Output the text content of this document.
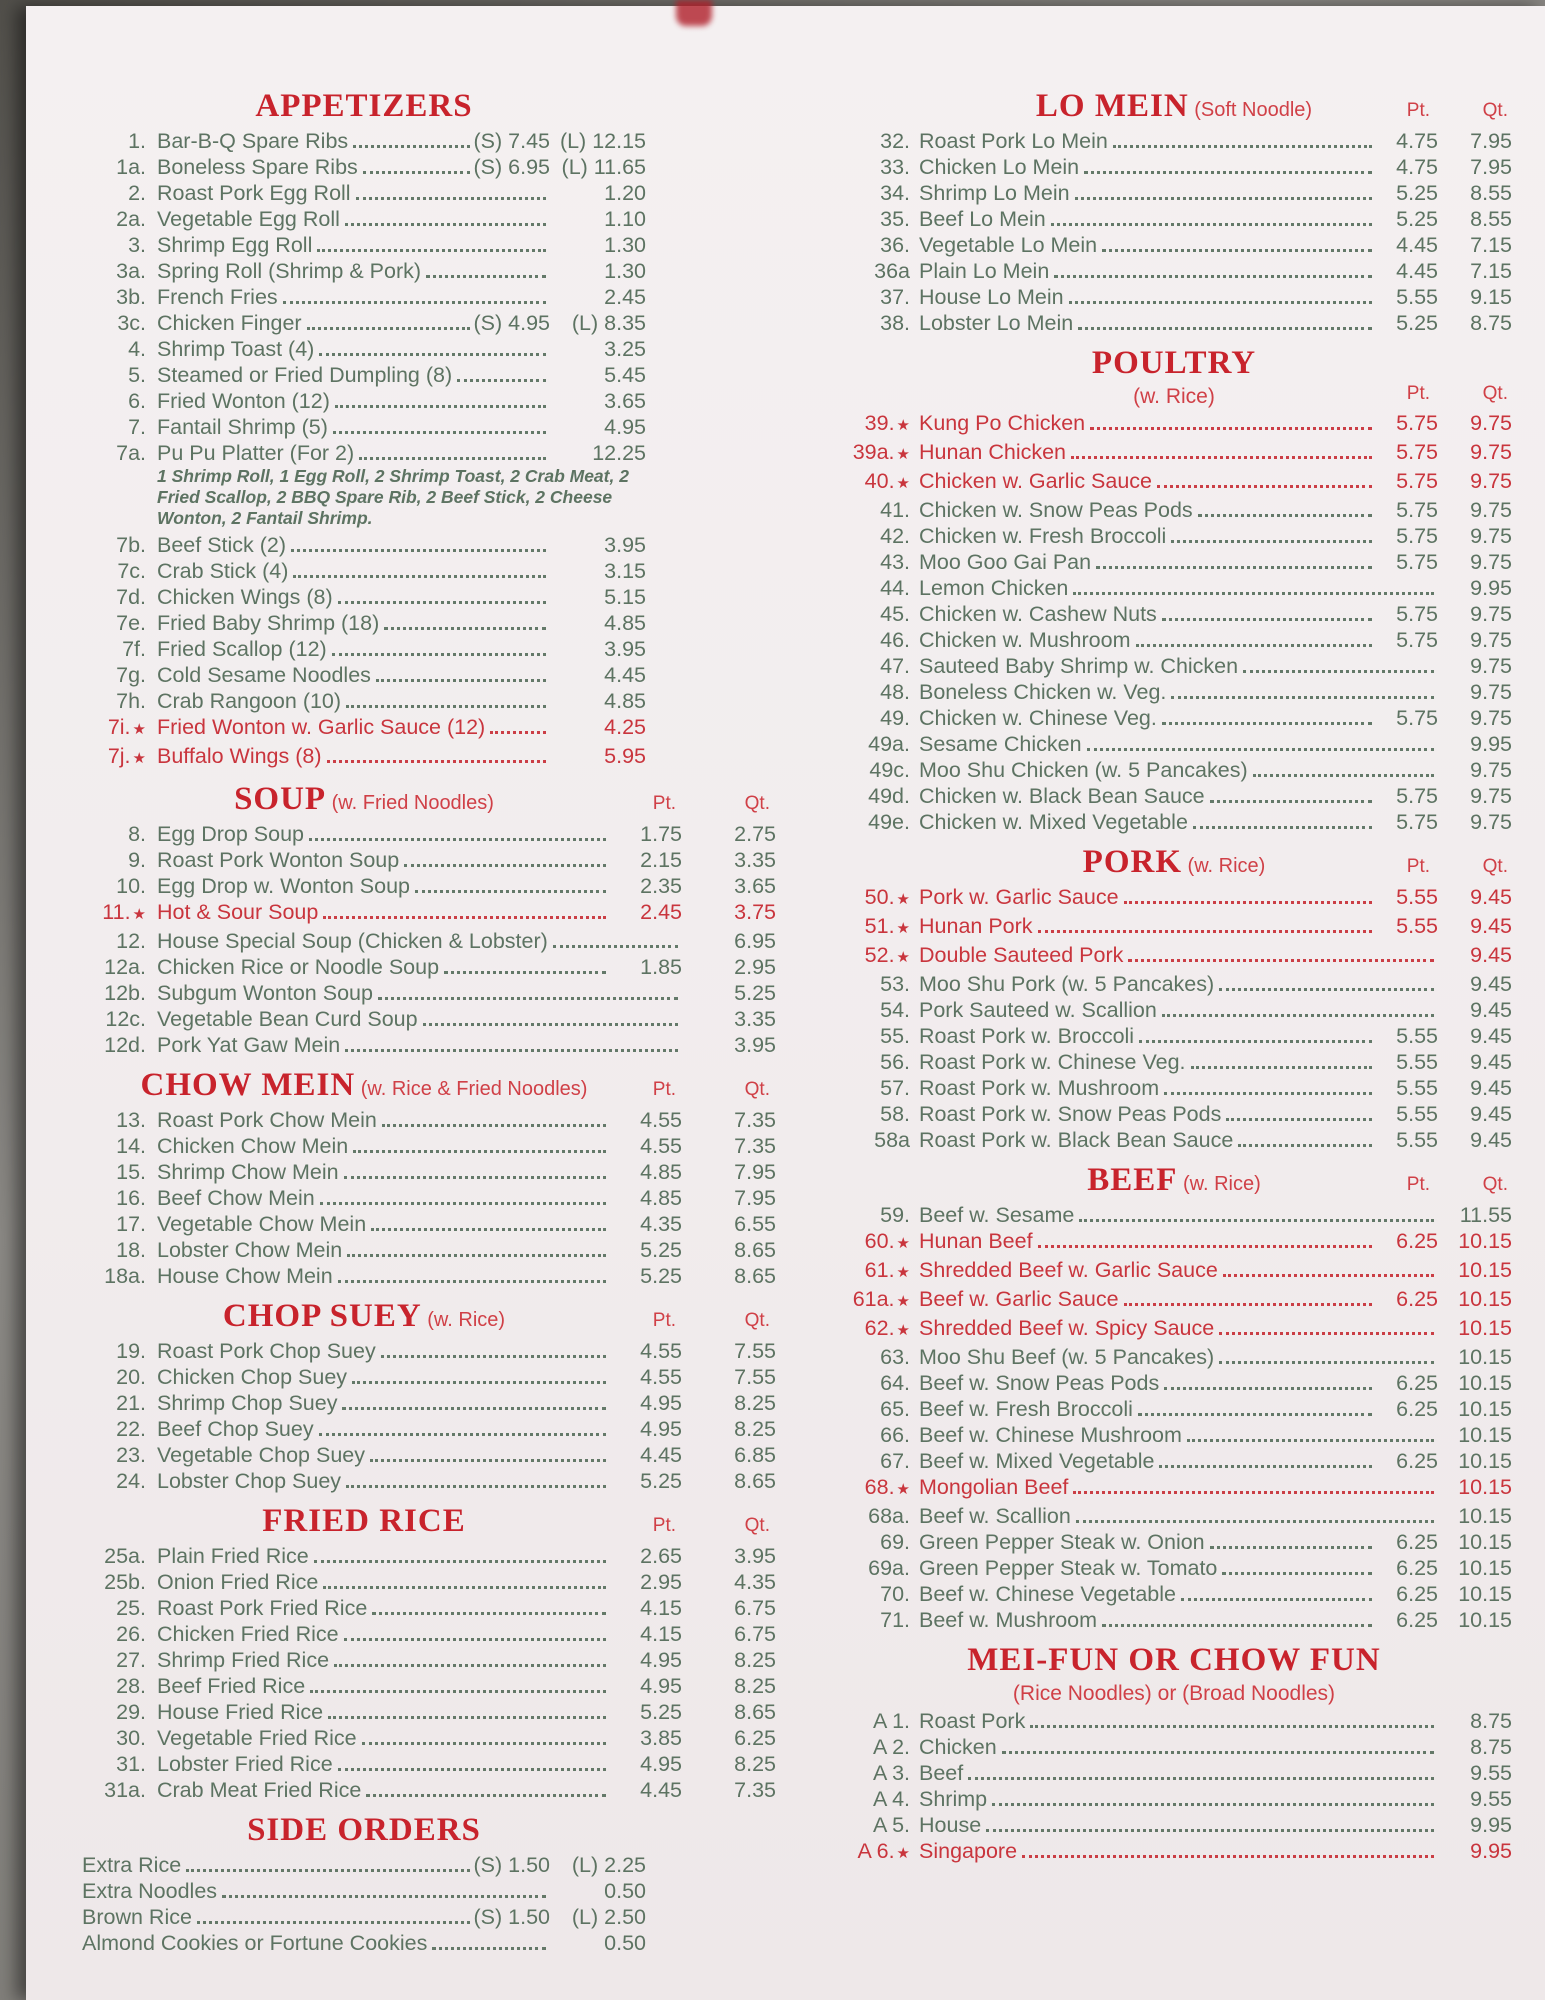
APPETIZERS
1. Bar-B-Q Spare Ribs	(S) 7.45 (L) 12.15
1a. Boneless Spare Ribs	(S) 6.95 (L) 11.65
2. Roast Pork Egg Roll	1.20
2a. Vegetable Egg Roll	1.10
3. Shrimp Egg Roll	1.30
3a. Spring Roll (Shrimp & Pork)	1.30
3b. French Fries	2.45
3c. Chicken Finger	(S) 4.95	(L) 8.35
4. Shrimp Toast (4)	3.25
5. Steamed or Fried Dumpling (8)	5.45
6. Fried Wonton (12)	3.65
7. Fantail Shrimp (5)	4.95
7a. Pu Pu Platter (For 2)	12.25
1 Shrimp Roll, 1 Egg Roll, 2 Shrimp Toast, 2 Crab Meat, 2 Fried Scallop, 2 BBQ Spare Rib, 2 Beef Stick, 2 Cheese Wonton, 2 Fantail Shrimp.
7b. Beef Stick (2)	3.95
7c. Crab Stick (4)	3.15
7d. Chicken Wings (8)	5.15
7e. Fried Baby Shrimp (18)	4.85
7f. Fried Scallop (12)	3.95
7g. Cold Sesame Noodles	4.45
7h. Crab Rangoon (10)	4.85
7i. ★ Fried Wonton w. Garlic Sauce (12)	4.25
7j. ★ Buffalo Wings (8)	5.95
SOUP (w. Fried Noodles)	Pt.	Qt.
8. Egg Drop Soup	1.75	2.75
9. Roast Pork Wonton Soup	2.15	3.35
10. Egg Drop w. Wonton Soup	2.35	3.65
11. ★ Hot & Sour Soup	2.45	3.75
12. House Special Soup (Chicken & Lobster)	6.95
12a. Chicken Rice or Noodle Soup	1.85	2.95
12b. Subgum Wonton Soup	5.25
12c. Vegetable Bean Curd Soup	3.35
12d. Pork Yat Gaw Mein	3.95
CHOW MEIN (w. Rice & Fried Noodles)	Pt.	Qt.
13. Roast Pork Chow Mein	4.55	7.35
14. Chicken Chow Mein	4.55	7.35
15. Shrimp Chow Mein	4.85	7.95
16. Beef Chow Mein	4.85	7.95
17. Vegetable Chow Mein	4.35	6.55
18. Lobster Chow Mein	5.25	8.65
18a. House Chow Mein	5.25	8.65
CHOP SUEY (w. Rice)	Pt.	Qt.
19. Roast Pork Chop Suey	4.55	7.55
20. Chicken Chop Suey	4.55	7.55
21. Shrimp Chop Suey	4.95	8.25
22. Beef Chop Suey	4.95	8.25
23. Vegetable Chop Suey	4.45	6.85
24. Lobster Chop Suey	5.25	8.65
FRIED RICE	Pt.	Qt.
25a. Plain Fried Rice	2.65	3.95
25b. Onion Fried Rice	2.95	4.35
25. Roast Pork Fried Rice	4.15	6.75
26. Chicken Fried Rice	4.15	6.75
27. Shrimp Fried Rice	4.95	8.25
28. Beef Fried Rice	4.95	8.25
29. House Fried Rice	5.25	8.65
30. Vegetable Fried Rice	3.85	6.25
31. Lobster Fried Rice	4.95	8.25
31a. Crab Meat Fried Rice	4.45	7.35
SIDE ORDERS
Extra Rice	(S) 1.50	(L) 2.25
Extra Noodles	0.50
Brown Rice	(S) 1.50	(L) 2.50
Almond Cookies or Fortune Cookies	0.50
LO MEIN (Soft Noodle)	Pt.	Qt.
32. Roast Pork Lo Mein	4.75	7.95
33. Chicken Lo Mein	4.75	7.95
34. Shrimp Lo Mein	5.25	8.55
35. Beef Lo Mein	5.25	8.55
36. Vegetable Lo Mein	4.45	7.15
36a Plain Lo Mein	4.45	7.15
37. House Lo Mein	5.55	9.15
38. Lobster Lo Mein	5.25	8.75
POULTRY
(w. Rice)	Pt.	Qt.
39. ★ Kung Po Chicken	5.75	9.75
39a. ★ Hunan Chicken	5.75	9.75
40. ★ Chicken w. Garlic Sauce	5.75	9.75
41. Chicken w. Snow Peas Pods	5.75	9.75
42. Chicken w. Fresh Broccoli	5.75	9.75
43. Moo Goo Gai Pan	5.75	9.75
44. Lemon Chicken	9.95
45. Chicken w. Cashew Nuts	5.75	9.75
46. Chicken w. Mushroom	5.75	9.75
47. Sauteed Baby Shrimp w. Chicken	9.75
48. Boneless Chicken w. Veg.	9.75
49. Chicken w. Chinese Veg.	5.75	9.75
49a. Sesame Chicken	9.95
49c. Moo Shu Chicken (w. 5 Pancakes)	9.75
49d. Chicken w. Black Bean Sauce	5.75	9.75
49e. Chicken w. Mixed Vegetable	5.75	9.75
PORK (w. Rice)	Pt.	Qt.
50. ★ Pork w. Garlic Sauce	5.55	9.45
51. ★ Hunan Pork	5.55	9.45
52. ★ Double Sauteed Pork	9.45
53. Moo Shu Pork (w. 5 Pancakes)	9.45
54. Pork Sauteed w. Scallion	9.45
55. Roast Pork w. Broccoli	5.55	9.45
56. Roast Pork w. Chinese Veg.	5.55	9.45
57. Roast Pork w. Mushroom	5.55	9.45
58. Roast Pork w. Snow Peas Pods	5.55	9.45
58a Roast Pork w. Black Bean Sauce	5.55	9.45
BEEF (w. Rice)	Pt.	Qt.
59. Beef w. Sesame	11.55
60. ★ Hunan Beef	6.25 10.15
61. ★ Shredded Beef w. Garlic Sauce	10.15
61a. ★ Beef w. Garlic Sauce	6.25 10.15
62. ★ Shredded Beef w. Spicy Sauce	10.15
63. Moo Shu Beef (w. 5 Pancakes)	10.15
64. Beef w. Snow Peas Pods	6.25 10.15
65. Beef w. Fresh Broccoli	6.25 10.15
66. Beef w. Chinese Mushroom	10.15
67. Beef w. Mixed Vegetable	6.25 10.15
68. ★ Mongolian Beef	10.15
68a. Beef w. Scallion	10.15
69. Green Pepper Steak w. Onion	6.25 10.15
69a. Green Pepper Steak w. Tomato	6.25 10.15
70. Beef w. Chinese Vegetable	6.25 10.15
71. Beef w. Mushroom	6.25 10.15
MEI-FUN OR CHOW FUN
(Rice Noodles) or (Broad Noodles)
A 1. Roast Pork	8.75
A 2. Chicken	8.75
A 3. Beef	9.55
A 4. Shrimp	9.55
A 5. House	9.95
A 6. ★ Singapore	9.95
